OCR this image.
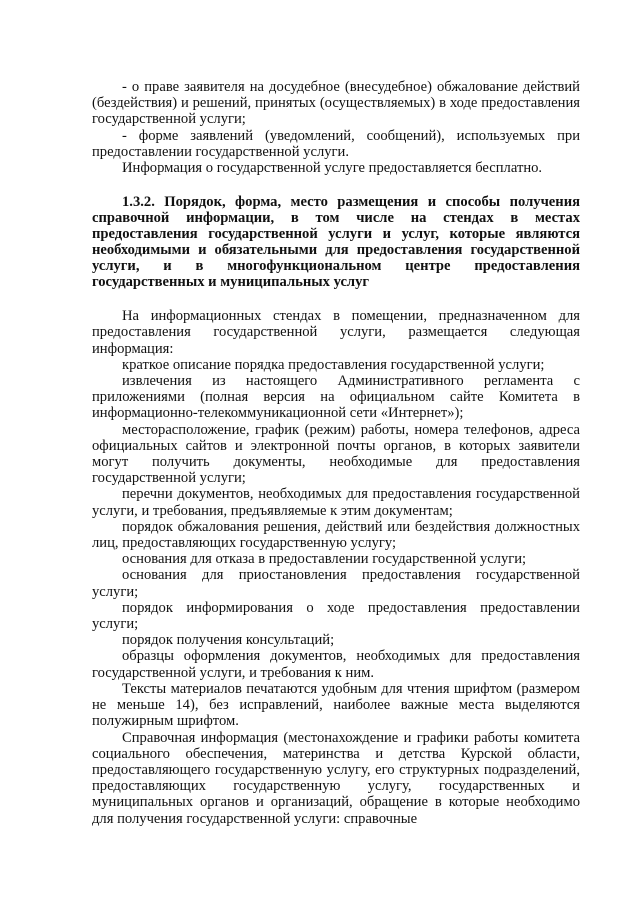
- о праве заявителя на досудебное (внесудебное) обжалование действий (бездействия) и решений, принятых (осуществляемых) в ходе предоставления государственной услуги;

- форме заявлений (уведомлений, сообщений), используемых при предоставлении государственной услуги.

Информация о государственной услуге предоставляется бесплатно.

1.3.2. Порядок, форма, место размещения и способы получения справочной информации, в том числе на стендах в местах предоставления государственной услуги и услуг, которые являются необходимыми и обязательными для предоставления государственной услуги, и в многофункциональном центре предоставления государственных и муниципальных услуг

На информационных стендах в помещении, предназначенном для предоставления государственной услуги, размещается следующая информация:

краткое описание порядка предоставления государственной услуги;

извлечения из настоящего Административного регламента с приложениями (полная версия на официальном сайте Комитета в информационно-телекоммуникационной сети «Интернет»);

месторасположение, график (режим) работы, номера телефонов, адреса официальных сайтов и электронной почты органов, в которых заявители могут получить документы, необходимые для предоставления государственной услуги;

перечни документов, необходимых для предоставления государственной услуги, и требования, предъявляемые к этим документам;

порядок обжалования решения, действий или бездействия должностных лиц, предоставляющих государственную услугу;

основания для отказа в предоставлении государственной услуги;

основания для приостановления предоставления государственной услуги;

порядок информирования о ходе предоставления предоставлении услуги;

порядок получения консультаций;

образцы оформления документов, необходимых для предоставления государственной услуги, и требования к ним.

Тексты материалов печатаются удобным для чтения шрифтом (размером не меньше 14), без исправлений, наиболее важные места выделяются полужирным шрифтом.

Справочная информация (местонахождение и графики работы комитета социального обеспечения, материнства и детства Курской области, предоставляющего государственную услугу, его структурных подразделений, предоставляющих государственную услугу, государственных и муниципальных органов и организаций, обращение в которые необходимо для получения государственной услуги: справочные
